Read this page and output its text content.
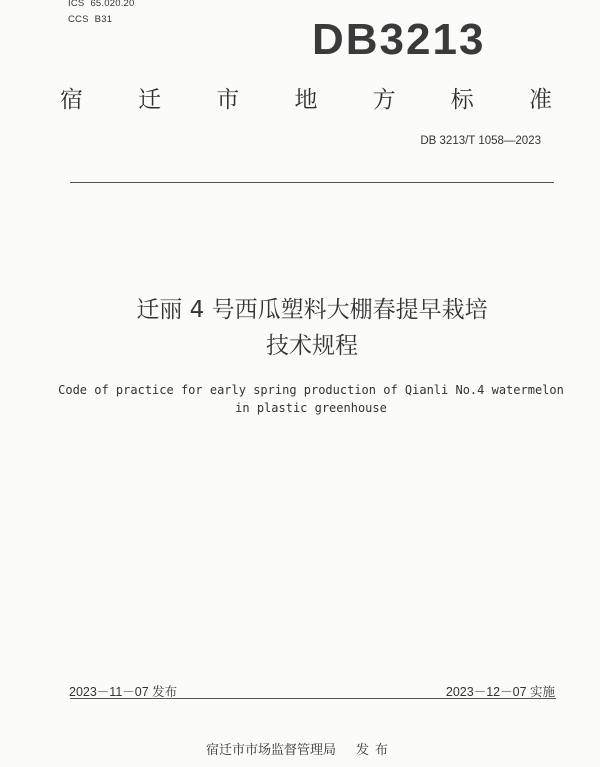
ICS 65.020.20
CCS B31	DB3213
宿 迁 市 地 方 标 准
DB 3213/T 1058—2023
迁丽 4 号西瓜塑料大棚春提早栽培
技术规程
Code of practice for early spring production of Qianli No.4 watermelon
in plastic greenhouse
2023－11－07 发布	2023－12－07 实施
宿迁市市场监督管理局 发布
